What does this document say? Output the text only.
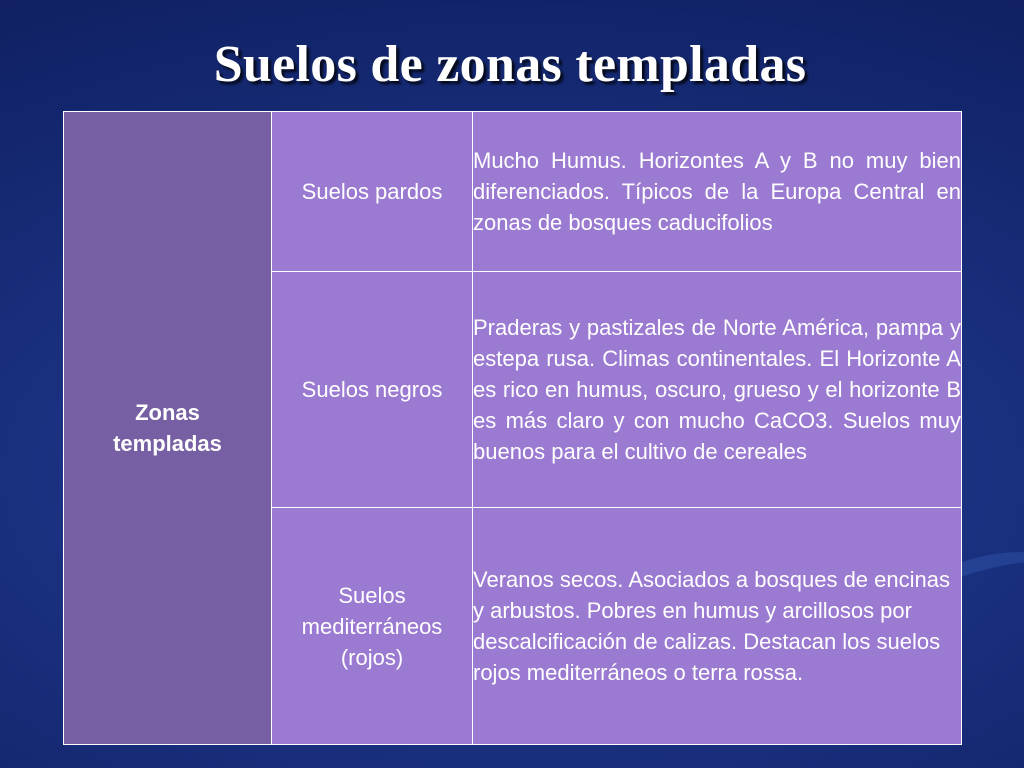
Suelos de zonas templadas
Zonas templadas	Suelos pardos	Mucho Humus. Horizontes A y B no muy bien diferenciados. Típicos de la Europa Central en zonas de bosques caducifolios
	Suelos negros	Praderas y pastizales de Norte América, pampa y estepa rusa. Climas continentales. El Horizonte A es rico en humus, oscuro, grueso y el horizonte B es más claro y con mucho CaCO3. Suelos muy buenos para el cultivo de cereales
	Suelos mediterráneos (rojos)	Veranos secos. Asociados a bosques de encinas y arbustos. Pobres en humus y arcillosos por descalcificación de calizas. Destacan los suelos rojos mediterráneos o terra rossa.
